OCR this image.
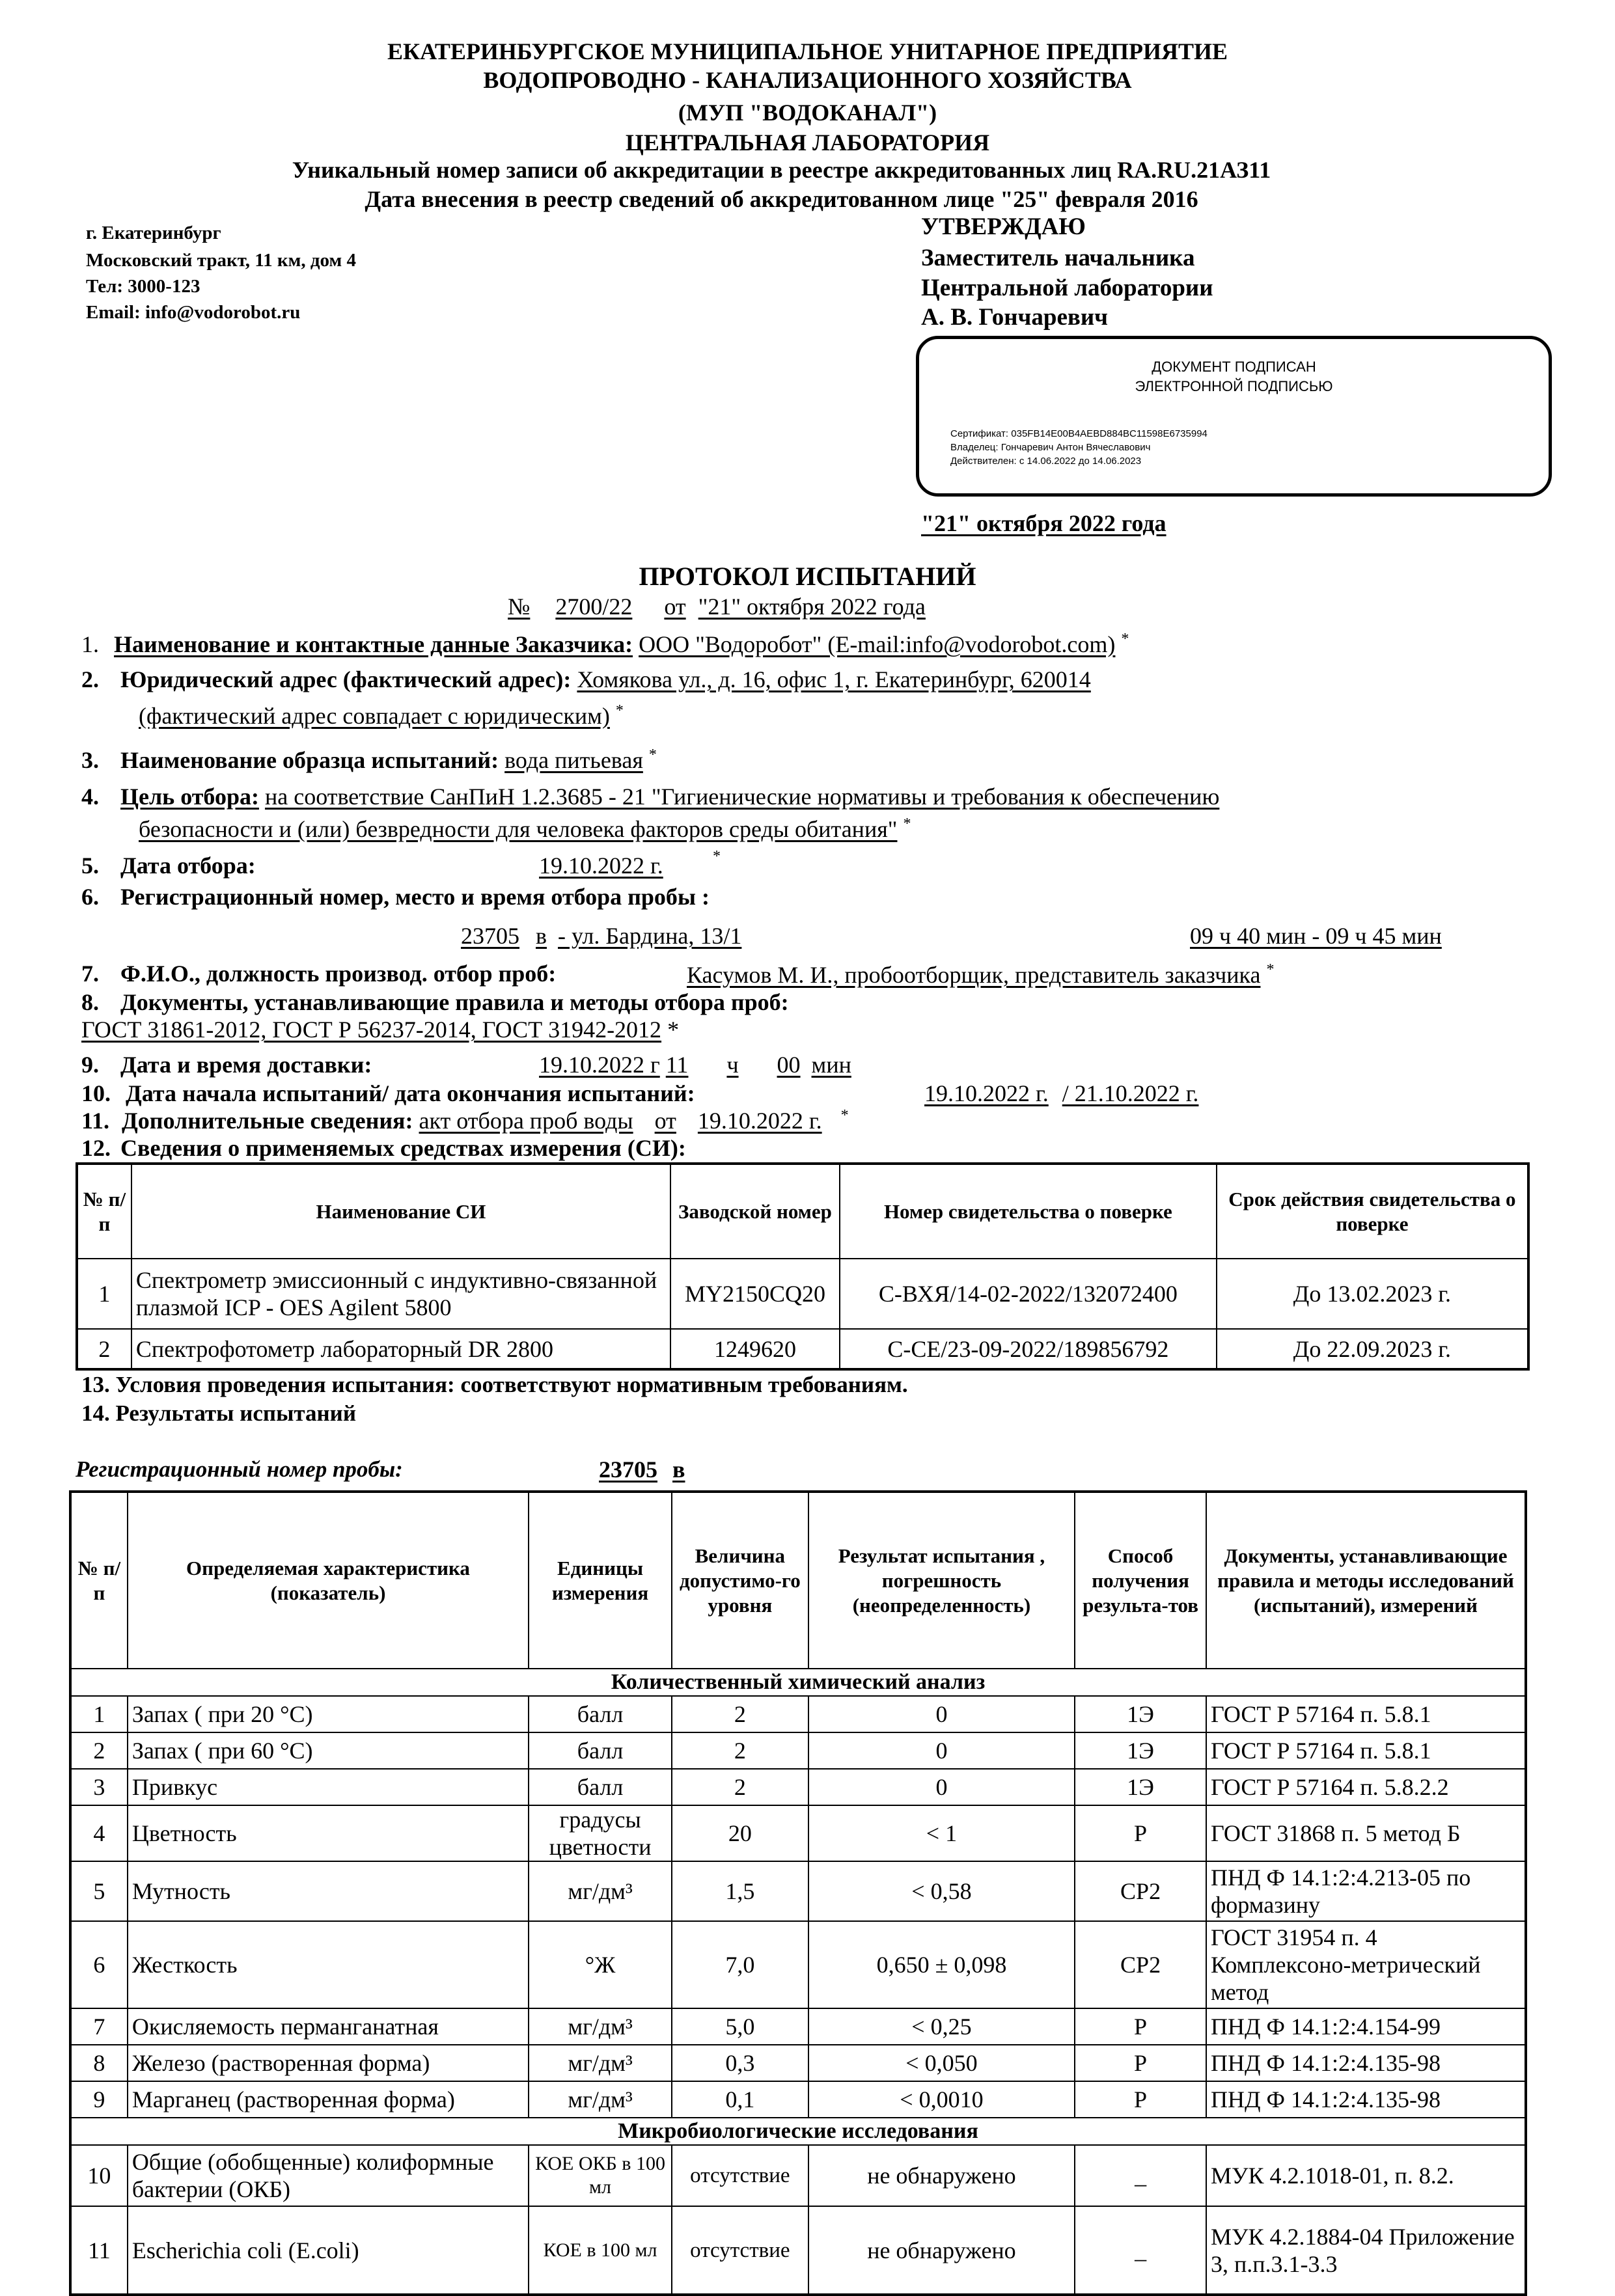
ЕКАТЕРИНБУРГСКОЕ МУНИЦИПАЛЬНОЕ УНИТАРНОЕ ПРЕДПРИЯТИЕ
ВОДОПРОВОДНО - КАНАЛИЗАЦИОННОГО ХОЗЯЙСТВА
(МУП "ВОДОКАНАЛ")
ЦЕНТРАЛЬНАЯ ЛАБОРАТОРИЯ
Уникальный номер записи об аккредитации в реестре аккредитованных лиц RA.RU.21АЗ11
Дата внесения в реестр сведений об аккредитованном лице "25" февраля 2016
г. Екатеринбург
Московский тракт, 11 км, дом 4
Тел: 3000-123
Email: info@vodorobot.ru
УТВЕРЖДАЮ
Заместитель начальника
Центральной лаборатории
А. В. Гончаревич
ДОКУМЕНТ ПОДПИСАН
ЭЛЕКТРОННОЙ ПОДПИСЬЮ
Сертификат: 035FB14E00B4AEBD884BC11598E6735994
Владелец: Гончаревич Антон Вячеславович
Действителен: с 14.06.2022 до 14.06.2023
"21" октября 2022 года
ПРОТОКОЛ ИСПЫТАНИЙ
№ 2700/22 от "21" октября 2022 года
1. Наименование и контактные данные Заказчика: ООО "Водоробот" (E-mail:info@vodorobot.com) *
2. Юридический адрес (фактический адрес): Хомякова ул., д. 16, офис 1, г. Екатеринбург, 620014
(фактический адрес совпадает с юридическим) *
3. Наименование образца испытаний: вода питьевая *
4. Цель отбора: на соответствие СанПиН 1.2.3685 - 21 "Гигиенические нормативы и требования к обеспечению
безопасности и (или) безвредности для человека факторов среды обитания" *
5. Дата отбора:	19.10.2022 г.	*
6. Регистрационный номер, место и время отбора пробы :
23705 в - ул. Бардина, 13/1	09 ч 40 мин - 09 ч 45 мин
7. Ф.И.О., должность производ. отбор проб:	Касумов М. И., пробоотборщик, представитель заказчика *
8. Документы, устанавливающие правила и методы отбора проб:
ГОСТ 31861-2012, ГОСТ Р 56237-2014, ГОСТ 31942-2012 *
9. Дата и время доставки:	19.10.2022 г 11 ч 00 мин
10. Дата начала испытаний/ дата окончания испытаний:	19.10.2022 г. / 21.10.2022 г.
11. Дополнительные сведения: акт отбора проб воды от 19.10.2022 г. *
12. Сведения о применяемых средствах измерения (СИ):
№ п/п	Наименование СИ	Заводской номер	Номер свидетельства о поверке	Срок действия свидетельства о поверке
1	Спектрометр эмиссионный с индуктивно-связанной плазмой ICP - OES Agilent 5800	MY2150CQ20	С-ВХЯ/14-02-2022/132072400	До 13.02.2023 г.
2	Спектрофотометр лабораторный DR 2800	1249620	С-СЕ/23-09-2022/189856792	До 22.09.2023 г.
13. Условия проведения испытания: соответствуют нормативным требованиям.
14. Результаты испытаний
Регистрационный номер пробы:	23705 в
№ п/п	Определяемая характеристика (показатель)	Единицы измерения	Величина допустимо-го уровня	Результат испытания , погрешность (неопределенность)	Способ получения результа-тов	Документы, устанавливающие правила и методы исследований (испытаний), измерений
Количественный химический анализ						
1	Запах ( при 20 °С)	балл	2	0	1Э	ГОСТ Р 57164 п. 5.8.1
2	Запах ( при 60 °С)	балл	2	0	1Э	ГОСТ Р 57164 п. 5.8.1
3	Привкус	балл	2	0	1Э	ГОСТ Р 57164 п. 5.8.2.2
4	Цветность	градусы цветности	20	< 1	Р	ГОСТ 31868 п. 5 метод Б
5	Мутность	мг/дм³	1,5	< 0,58	СР2	ПНД Ф 14.1:2:4.213-05 по формазину
6	Жесткость	°Ж	7,0	0,650 ± 0,098	СР2	ГОСТ 31954 п. 4 Комплексоно-метрический метод
7	Окисляемость перманганатная	мг/дм³	5,0	< 0,25	Р	ПНД Ф 14.1:2:4.154-99
8	Железо (растворенная форма)	мг/дм³	0,3	< 0,050	Р	ПНД Ф 14.1:2:4.135-98
9	Марганец (растворенная форма)	мг/дм³	0,1	< 0,0010	Р	ПНД Ф 14.1:2:4.135-98
Микробиологические исследования						
10	Общие (обобщенные) колиформные бактерии (ОКБ)	КОЕ ОКБ в 100 мл	отсутствие	не обнаружено	_	МУК 4.2.1018-01, п. 8.2.
11	Escherichia coli (E.coli)	КОЕ в 100 мл	отсутствие	не обнаружено	_	МУК 4.2.1884-04 Приложение 3, п.п.3.1-3.3
